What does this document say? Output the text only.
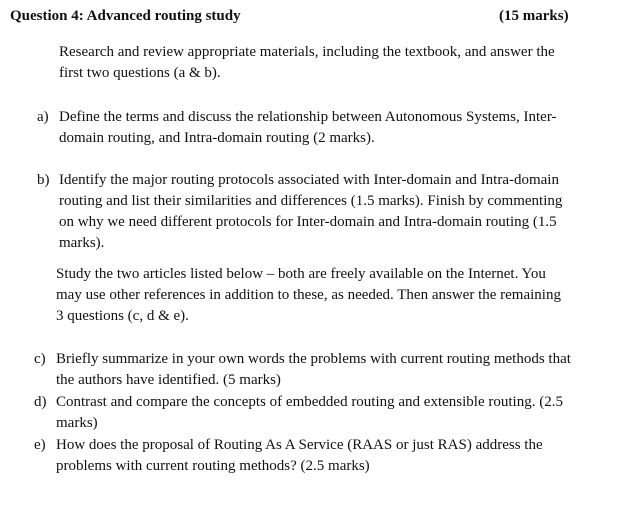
Question 4: Advanced routing study	(15 marks)
Research and review appropriate materials, including the textbook, and answer the
first two questions (a & b).
a) Define the terms and discuss the relationship between Autonomous Systems, Inter-
domain routing, and Intra-domain routing (2 marks).
b) Identify the major routing protocols associated with Inter-domain and Intra-domain
routing and list their similarities and differences (1.5 marks). Finish by commenting
on why we need different protocols for Inter-domain and Intra-domain routing (1.5
marks).
Study the two articles listed below – both are freely available on the Internet. You
may use other references in addition to these, as needed. Then answer the remaining
3 questions (c, d & e).
c) Briefly summarize in your own words the problems with current routing methods that
the authors have identified. (5 marks)
d) Contrast and compare the concepts of embedded routing and extensible routing. (2.5
marks)
e) How does the proposal of Routing As A Service (RAAS or just RAS) address the
problems with current routing methods? (2.5 marks)
